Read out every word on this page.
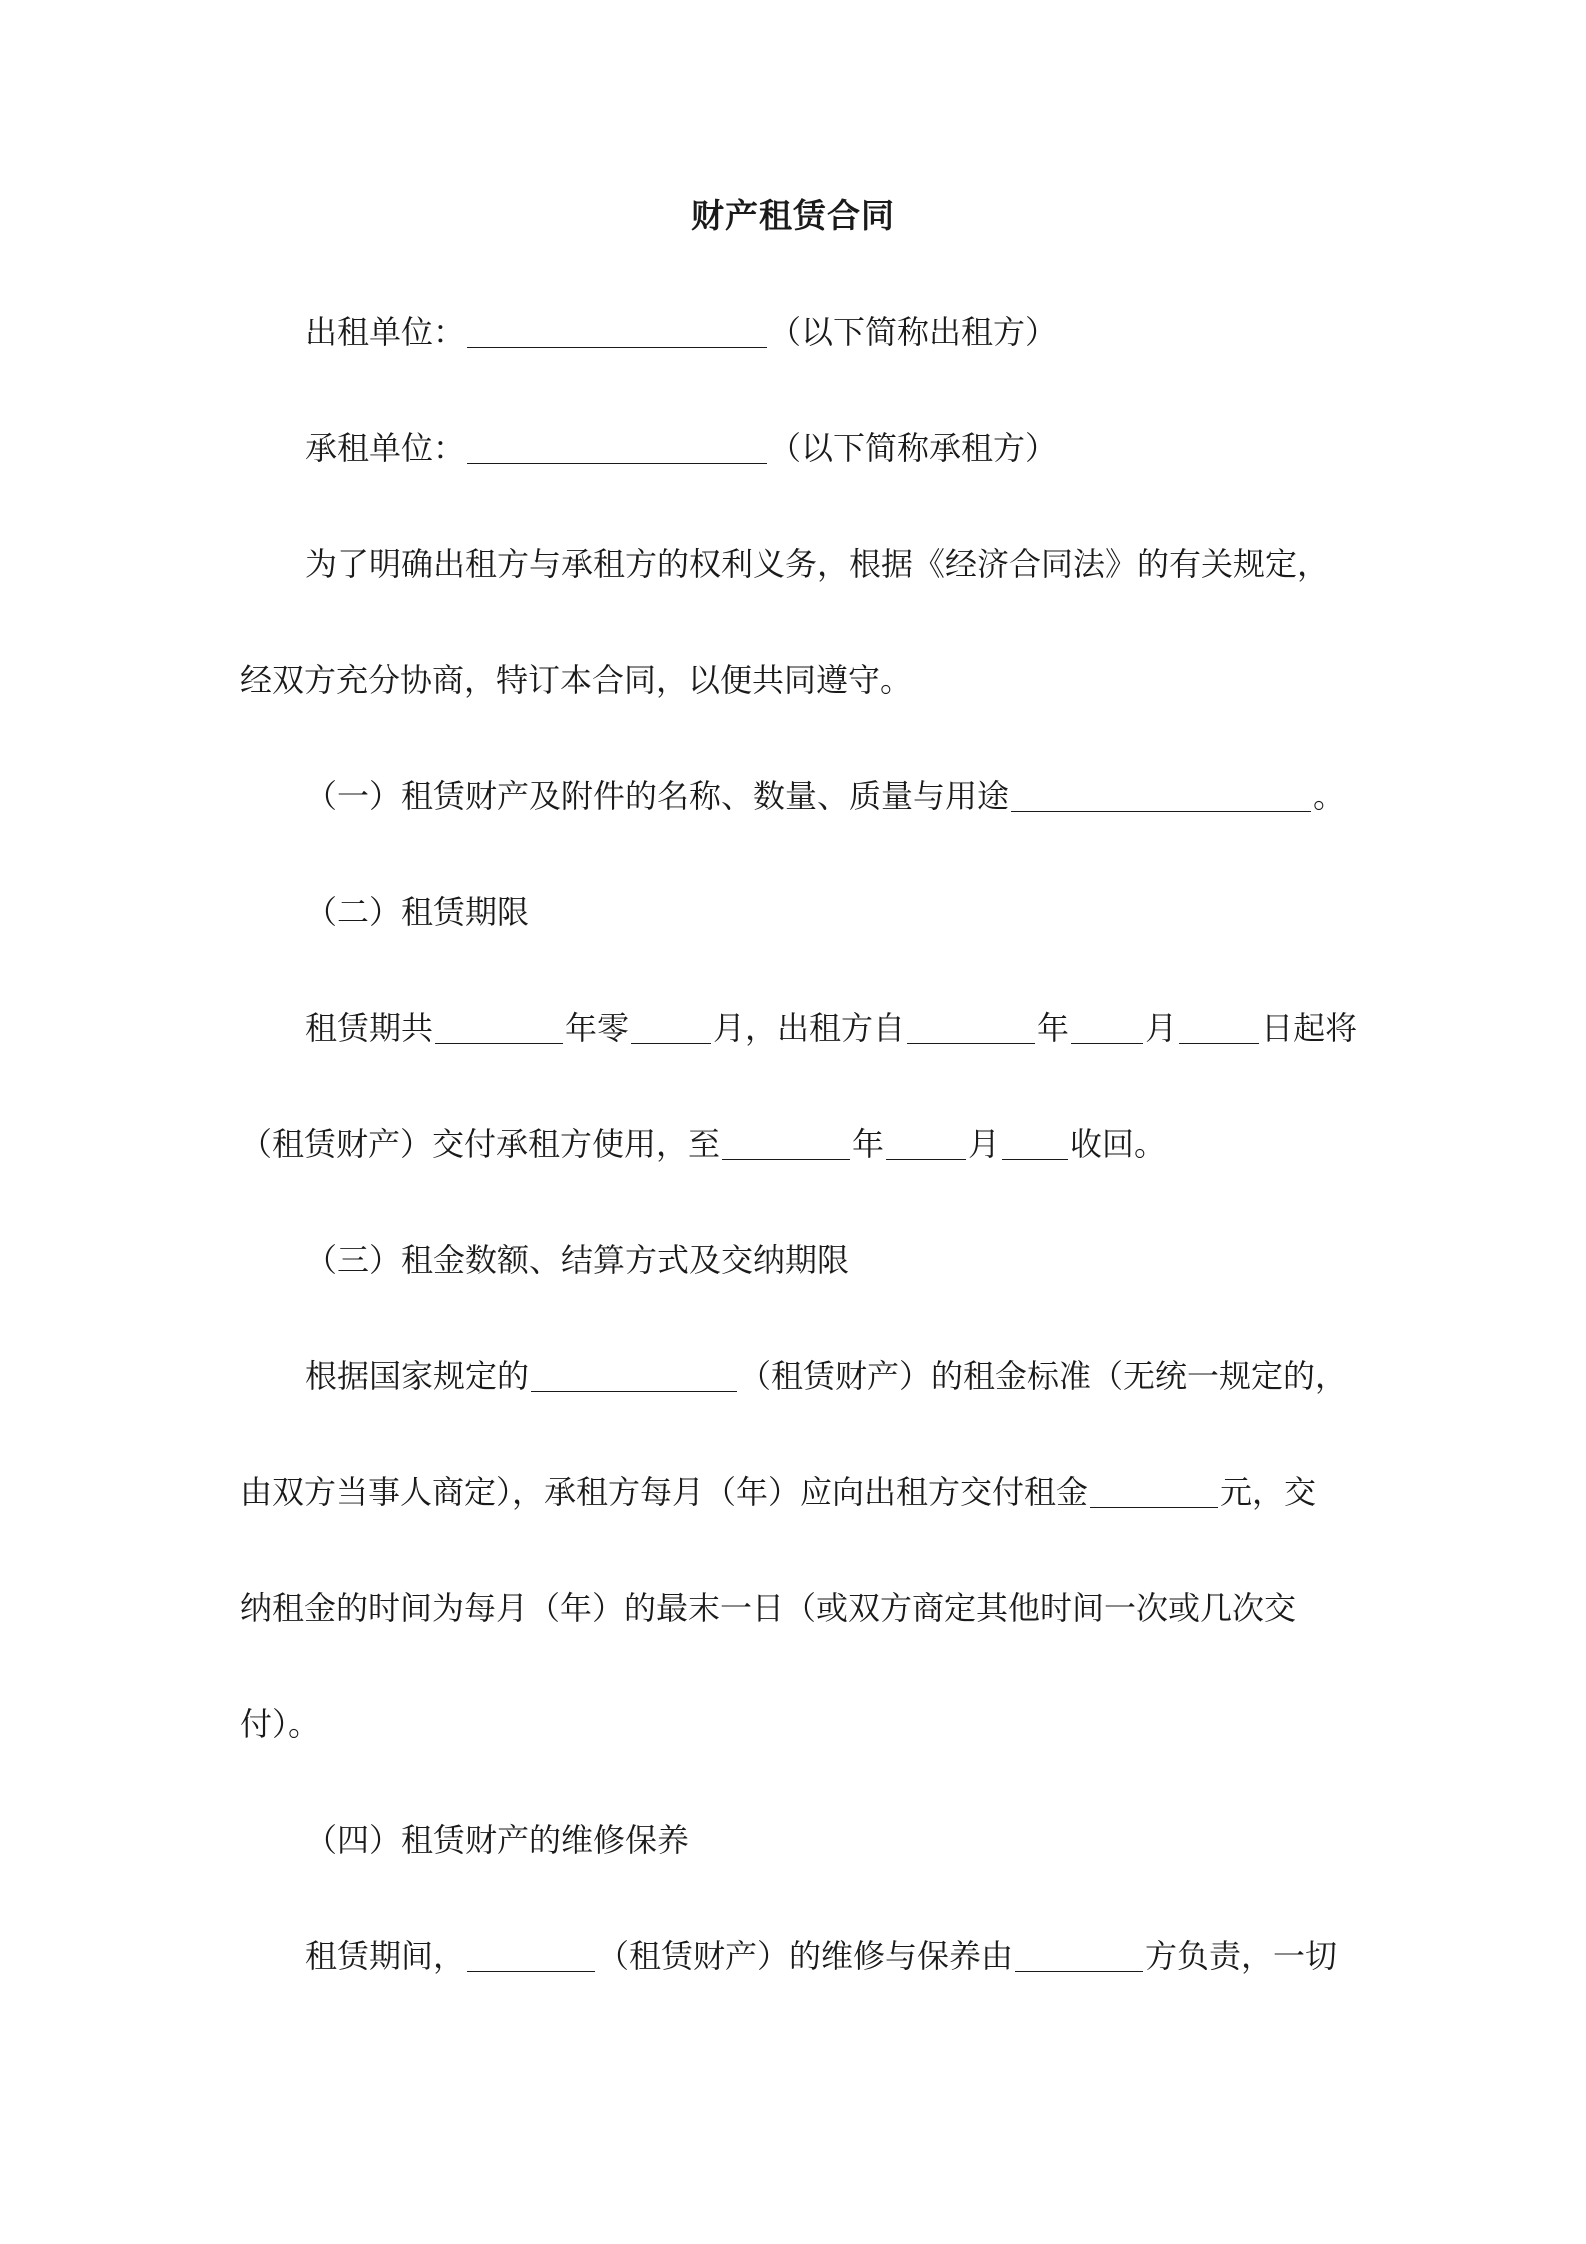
财产租赁合同
出租单位：	（以下简称出租方）
承租单位：	（以下简称承租方）
为了明确出租方与承租方的权利义务，根据《经济合同法》的有关规定，
经双方充分协商，特订本合同，以便共同遵守。
（一）租赁财产及附件的名称、数量、质量与用途	。
（二）租赁期限
租赁期共	年零	月，出租方自	年 月	日起将
（租赁财产）交付承租方使用，至	年	月 收回。
（三）租金数额、结算方式及交纳期限
根据国家规定的	（租赁财产）的租金标准（无统一规定的，
由双方当事人商定），承租方每月（年）应向出租方交付租金	元，交
纳租金的时间为每月（年）的最末一日（或双方商定其他时间一次或几次交
付）。
（四）租赁财产的维修保养
租赁期间，	（租赁财产）的维修与保养由	方负责，一切
